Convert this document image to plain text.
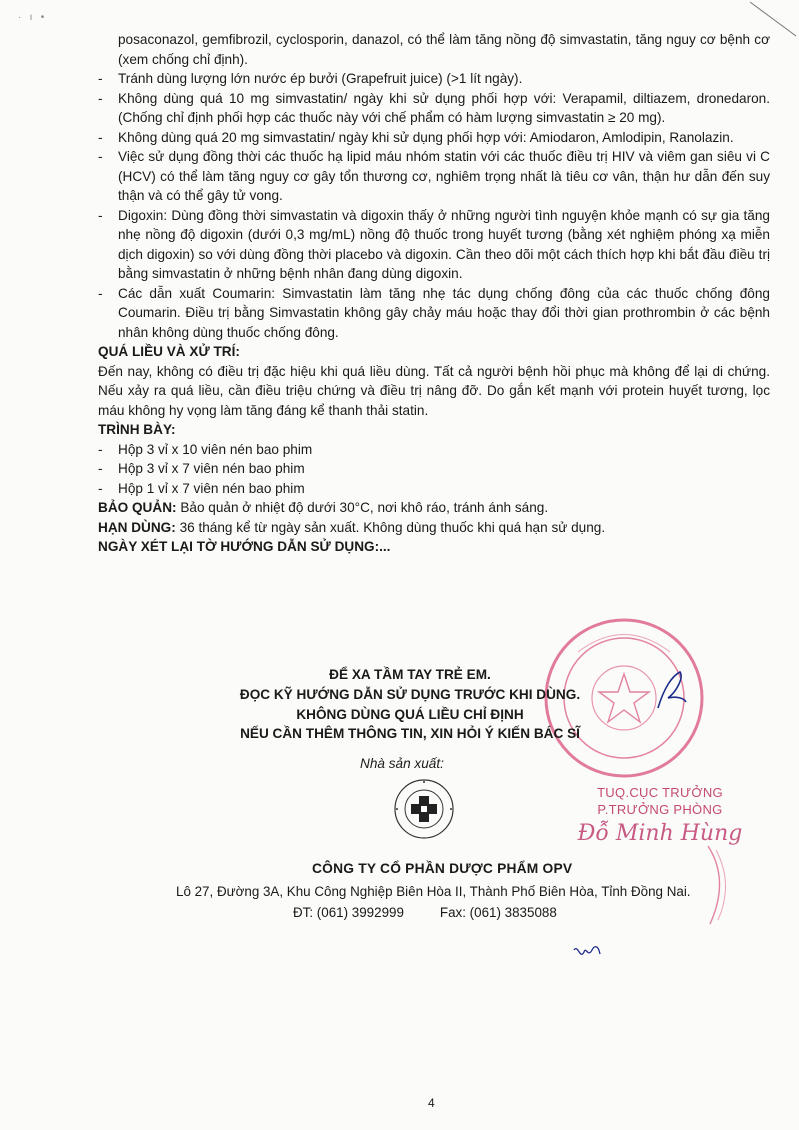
·   ı   •
posaconazol, gemfibrozil, cyclosporin, danazol, có thể làm tăng nồng độ simvastatin, tăng nguy cơ bệnh cơ (xem chống chỉ định).
- Tránh dùng lượng lớn nước ép bưởi (Grapefruit juice) (>1 lít ngày).
- Không dùng quá 10 mg simvastatin/ ngày khi sử dụng phối hợp với: Verapamil, diltiazem, dronedaron. (Chống chỉ định phối hợp các thuốc này với chế phẩm có hàm lượng simvastatin ≥ 20 mg).
- Không dùng quá 20 mg simvastatin/ ngày khi sử dụng phối hợp với: Amiodaron, Amlodipin, Ranolazin.
- Việc sử dụng đồng thời các thuốc hạ lipid máu nhóm statin với các thuốc điều trị HIV và viêm gan siêu vi C (HCV) có thể làm tăng nguy cơ gây tổn thương cơ, nghiêm trọng nhất là tiêu cơ vân, thận hư dẫn đến suy thận và có thể gây tử vong.
- Digoxin: Dùng đồng thời simvastatin và digoxin thấy ở những người tình nguyện khỏe mạnh có sự gia tăng nhẹ nồng độ digoxin (dưới 0,3 mg/mL) nồng độ thuốc trong huyết tương (bằng xét nghiệm phóng xạ miễn dịch digoxin) so với dùng đồng thời placebo và digoxin. Cần theo dõi một cách thích hợp khi bắt đầu điều trị bằng simvastatin ở những bệnh nhân đang dùng digoxin.
- Các dẫn xuất Coumarin: Simvastatin làm tăng nhẹ tác dụng chống đông của các thuốc chống đông Coumarin. Điều trị bằng Simvastatin không gây chảy máu hoặc thay đổi thời gian prothrombin ở các bệnh nhân không dùng thuốc chống đông.
QUÁ LIỀU VÀ XỬ TRÍ:
Đến nay, không có điều trị đặc hiệu khi quá liều dùng. Tất cả người bệnh hồi phục mà không để lại di chứng. Nếu xảy ra quá liều, cần điều triệu chứng và điều trị nâng đỡ. Do gắn kết mạnh với protein huyết tương, lọc máu không hy vọng làm tăng đáng kể thanh thải statin.
TRÌNH BÀY:
- Hộp 3 vỉ x 10 viên nén bao phim
- Hộp 3 vỉ x 7 viên nén bao phim
- Hộp 1 vỉ x 7 viên nén bao phim
BẢO QUẢN: Bảo quản ở nhiệt độ dưới 30°C, nơi khô ráo, tránh ánh sáng.
HẠN DÙNG: 36 tháng kể từ ngày sản xuất. Không dùng thuốc khi quá hạn sử dụng.
NGÀY XÉT LẠI TỜ HƯỚNG DẪN SỬ DỤNG:...
ĐỂ XA TẦM TAY TRẺ EM.
ĐỌC KỸ HƯỚNG DẪN SỬ DỤNG TRƯỚC KHI DÙNG.
KHÔNG DÙNG QUÁ LIỀU CHỈ ĐỊNH
NẾU CẦN THÊM THÔNG TIN, XIN HỎI Ý KIẾN BÁC SĨ
Nhà sản xuất:
TUQ.CỤC TRƯỞNG
P.TRƯỞNG PHÒNG
Đỗ Minh Hùng
CÔNG TY CỔ PHẦN DƯỢC PHẨM OPV
Lô 27, Đường 3A, Khu Công Nghiệp Biên Hòa II, Thành Phố Biên Hòa, Tỉnh Đồng Nai.
ĐT: (061) 3992999	Fax: (061) 3835088
4
